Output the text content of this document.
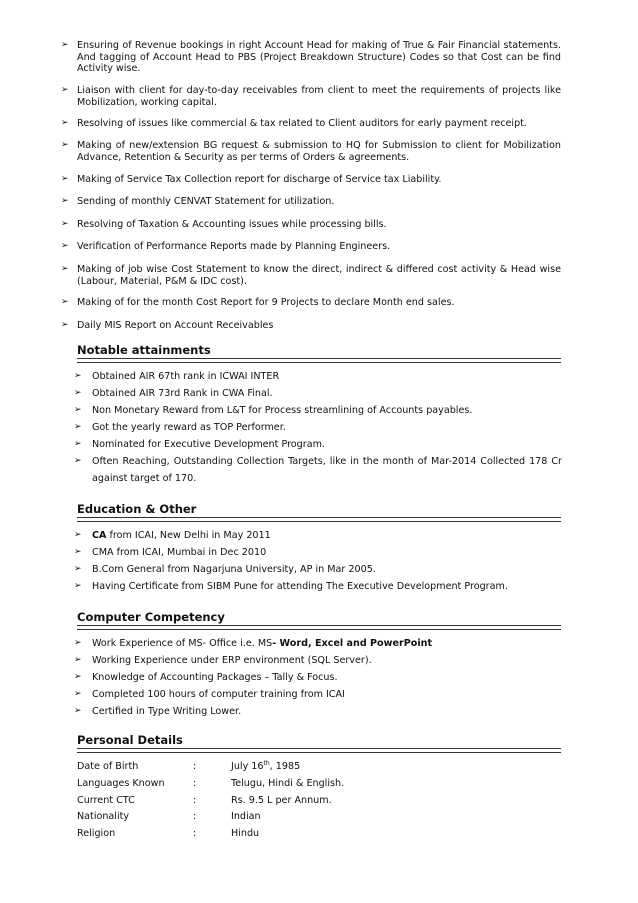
➢ Ensuring of Revenue bookings in right Account Head for making of True & Fair Financial statements. And tagging of Account Head to PBS (Project Breakdown Structure) Codes so that Cost can be find Activity wise.
➢ Liaison with client for day-to-day receivables from client to meet the requirements of projects like Mobilization, working capital.
➢ Resolving of issues like commercial & tax related to Client auditors for early payment receipt.
➢ Making of new/extension BG request & submission to HQ for Submission to client for Mobilization Advance, Retention & Security as per terms of Orders & agreements.
➢ Making of Service Tax Collection report for discharge of Service tax Liability.
➢ Sending of monthly CENVAT Statement for utilization.
➢ Resolving of Taxation & Accounting issues while processing bills.
➢ Verification of Performance Reports made by Planning Engineers.
➢ Making of job wise Cost Statement to know the direct, indirect & differed cost activity & Head wise (Labour, Material, P&M & IDC cost).
➢ Making of for the month Cost Report for 9 Projects to declare Month end sales.
➢ Daily MIS Report on Account Receivables
Notable attainments
➢ Obtained AIR 67th rank in ICWAI INTER
➢ Obtained AIR 73rd Rank in CWA Final.
➢ Non Monetary Reward from L&T for Process streamlining of Accounts payables.
➢ Got the yearly reward as TOP Performer.
➢ Nominated for Executive Development Program.
➢ Often Reaching, Outstanding Collection Targets, like in the month of Mar-2014 Collected 178 Cr
against target of 170.
Education & Other
➢ CA from ICAI, New Delhi in May 2011
➢ CMA from ICAI, Mumbai in Dec 2010
➢ B.Com General from Nagarjuna University, AP in Mar 2005.
➢ Having Certificate from SIBM Pune for attending The Executive Development Program.
Computer Competency
➢ Work Experience of MS- Office i.e. MS- Word, Excel and PowerPoint
➢ Working Experience under ERP environment (SQL Server).
➢ Knowledge of Accounting Packages – Tally & Focus.
➢ Completed 100 hours of computer training from ICAI
➢ Certified in Type Writing Lower.
Personal Details
Date of Birth	:	July 16th, 1985
Languages Known	:	Telugu, Hindi & English.
Current CTC	:	Rs. 9.5 L per Annum.
Nationality	:	Indian
Religion	:	Hindu
